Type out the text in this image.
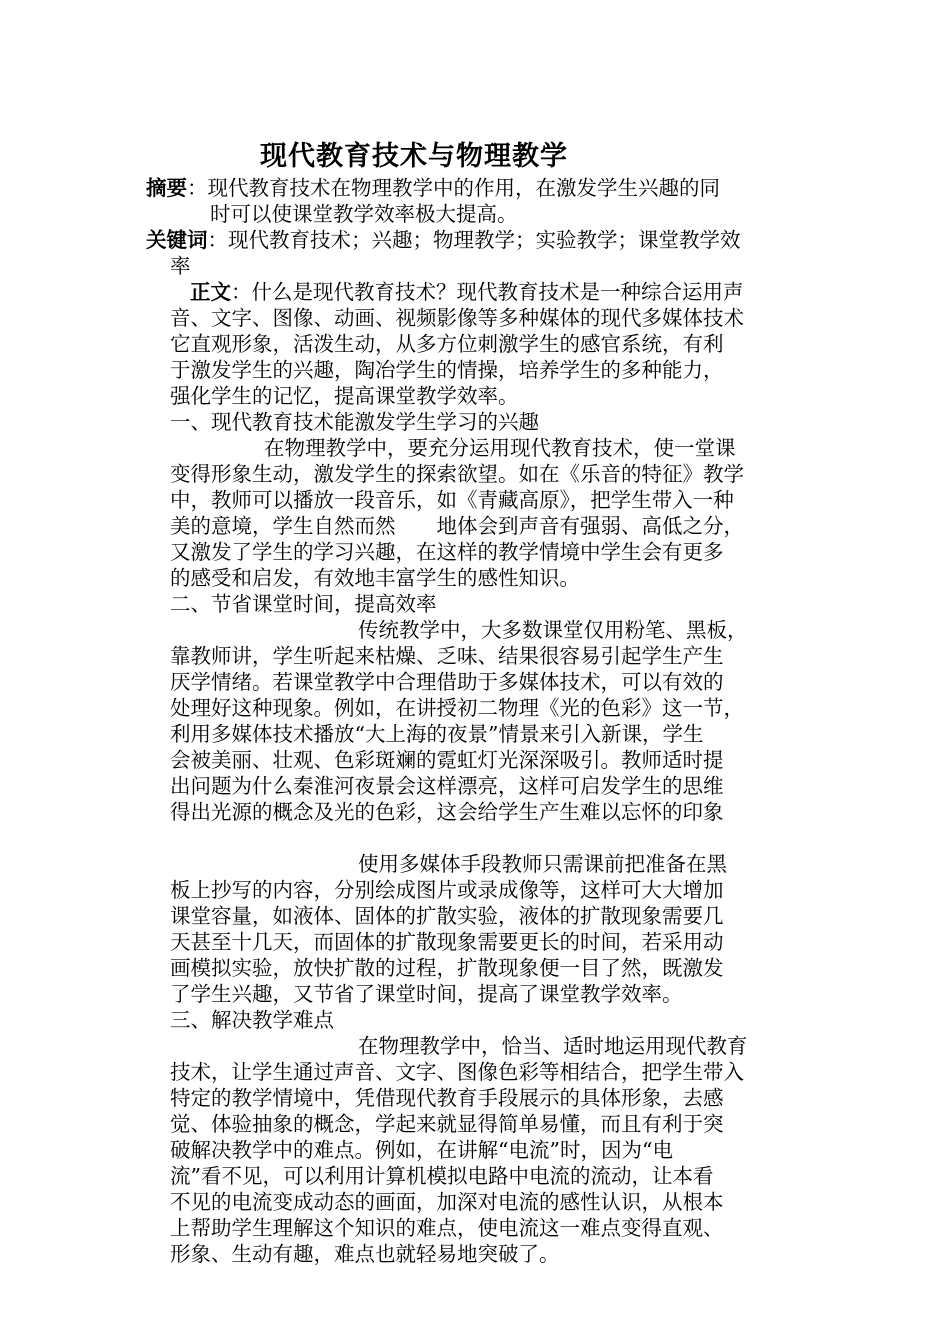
现代教育技术与物理教学
摘要：现代教育技术在物理教学中的作用，在激发学生兴趣的同
时可以使课堂教学效率极大提高。
关键词：现代教育技术；兴趣；物理教学；实验教学；课堂教学效
率
正文：什么是现代教育技术？现代教育技术是一种综合运用声
音、文字、图像、动画、视频影像等多种媒体的现代多媒体技术
它直观形象，活泼生动，从多方位刺激学生的感官系统，有利
于激发学生的兴趣，陶冶学生的情操，培养学生的多种能力，
强化学生的记忆，提高课堂教学效率。
一、现代教育技术能激发学生学习的兴趣
在物理教学中，要充分运用现代教育技术，使一堂课
变得形象生动，激发学生的探索欲望。如在《乐音的特征》教学
中，教师可以播放一段音乐，如《青藏高原》，把学生带入一种
美的意境，学生自然而然　　地体会到声音有强弱、高低之分，
又激发了学生的学习兴趣，在这样的教学情境中学生会有更多
的感受和启发，有效地丰富学生的感性知识。
二、节省课堂时间，提高效率
传统教学中，大多数课堂仅用粉笔、黑板，
靠教师讲，学生听起来枯燥、乏味、结果很容易引起学生产生
厌学情绪。若课堂教学中合理借助于多媒体技术，可以有效的
处理好这种现象。例如，在讲授初二物理《光的色彩》这一节，
利用多媒体技术播放“大上海的夜景”情景来引入新课，学生
会被美丽、壮观、色彩斑斓的霓虹灯光深深吸引。教师适时提
出问题为什么秦淮河夜景会这样漂亮，这样可启发学生的思维
得出光源的概念及光的色彩，这会给学生产生难以忘怀的印象
使用多媒体手段教师只需课前把准备在黑
板上抄写的内容，分别绘成图片或录成像等，这样可大大增加
课堂容量，如液体、固体的扩散实验，液体的扩散现象需要几
天甚至十几天，而固体的扩散现象需要更长的时间，若采用动
画模拟实验，放快扩散的过程，扩散现象便一目了然，既激发
了学生兴趣，又节省了课堂时间，提高了课堂教学效率。
三、解决教学难点
在物理教学中，恰当、适时地运用现代教育
技术，让学生通过声音、文字、图像色彩等相结合，把学生带入
特定的教学情境中，凭借现代教育手段展示的具体形象，去感
觉、体验抽象的概念，学起来就显得简单易懂，而且有利于突
破解决教学中的难点。例如，在讲解“电流”时，因为“电
流”看不见，可以利用计算机模拟电路中电流的流动，让本看
不见的电流变成动态的画面，加深对电流的感性认识，从根本
上帮助学生理解这个知识的难点，使电流这一难点变得直观、
形象、生动有趣，难点也就轻易地突破了。
